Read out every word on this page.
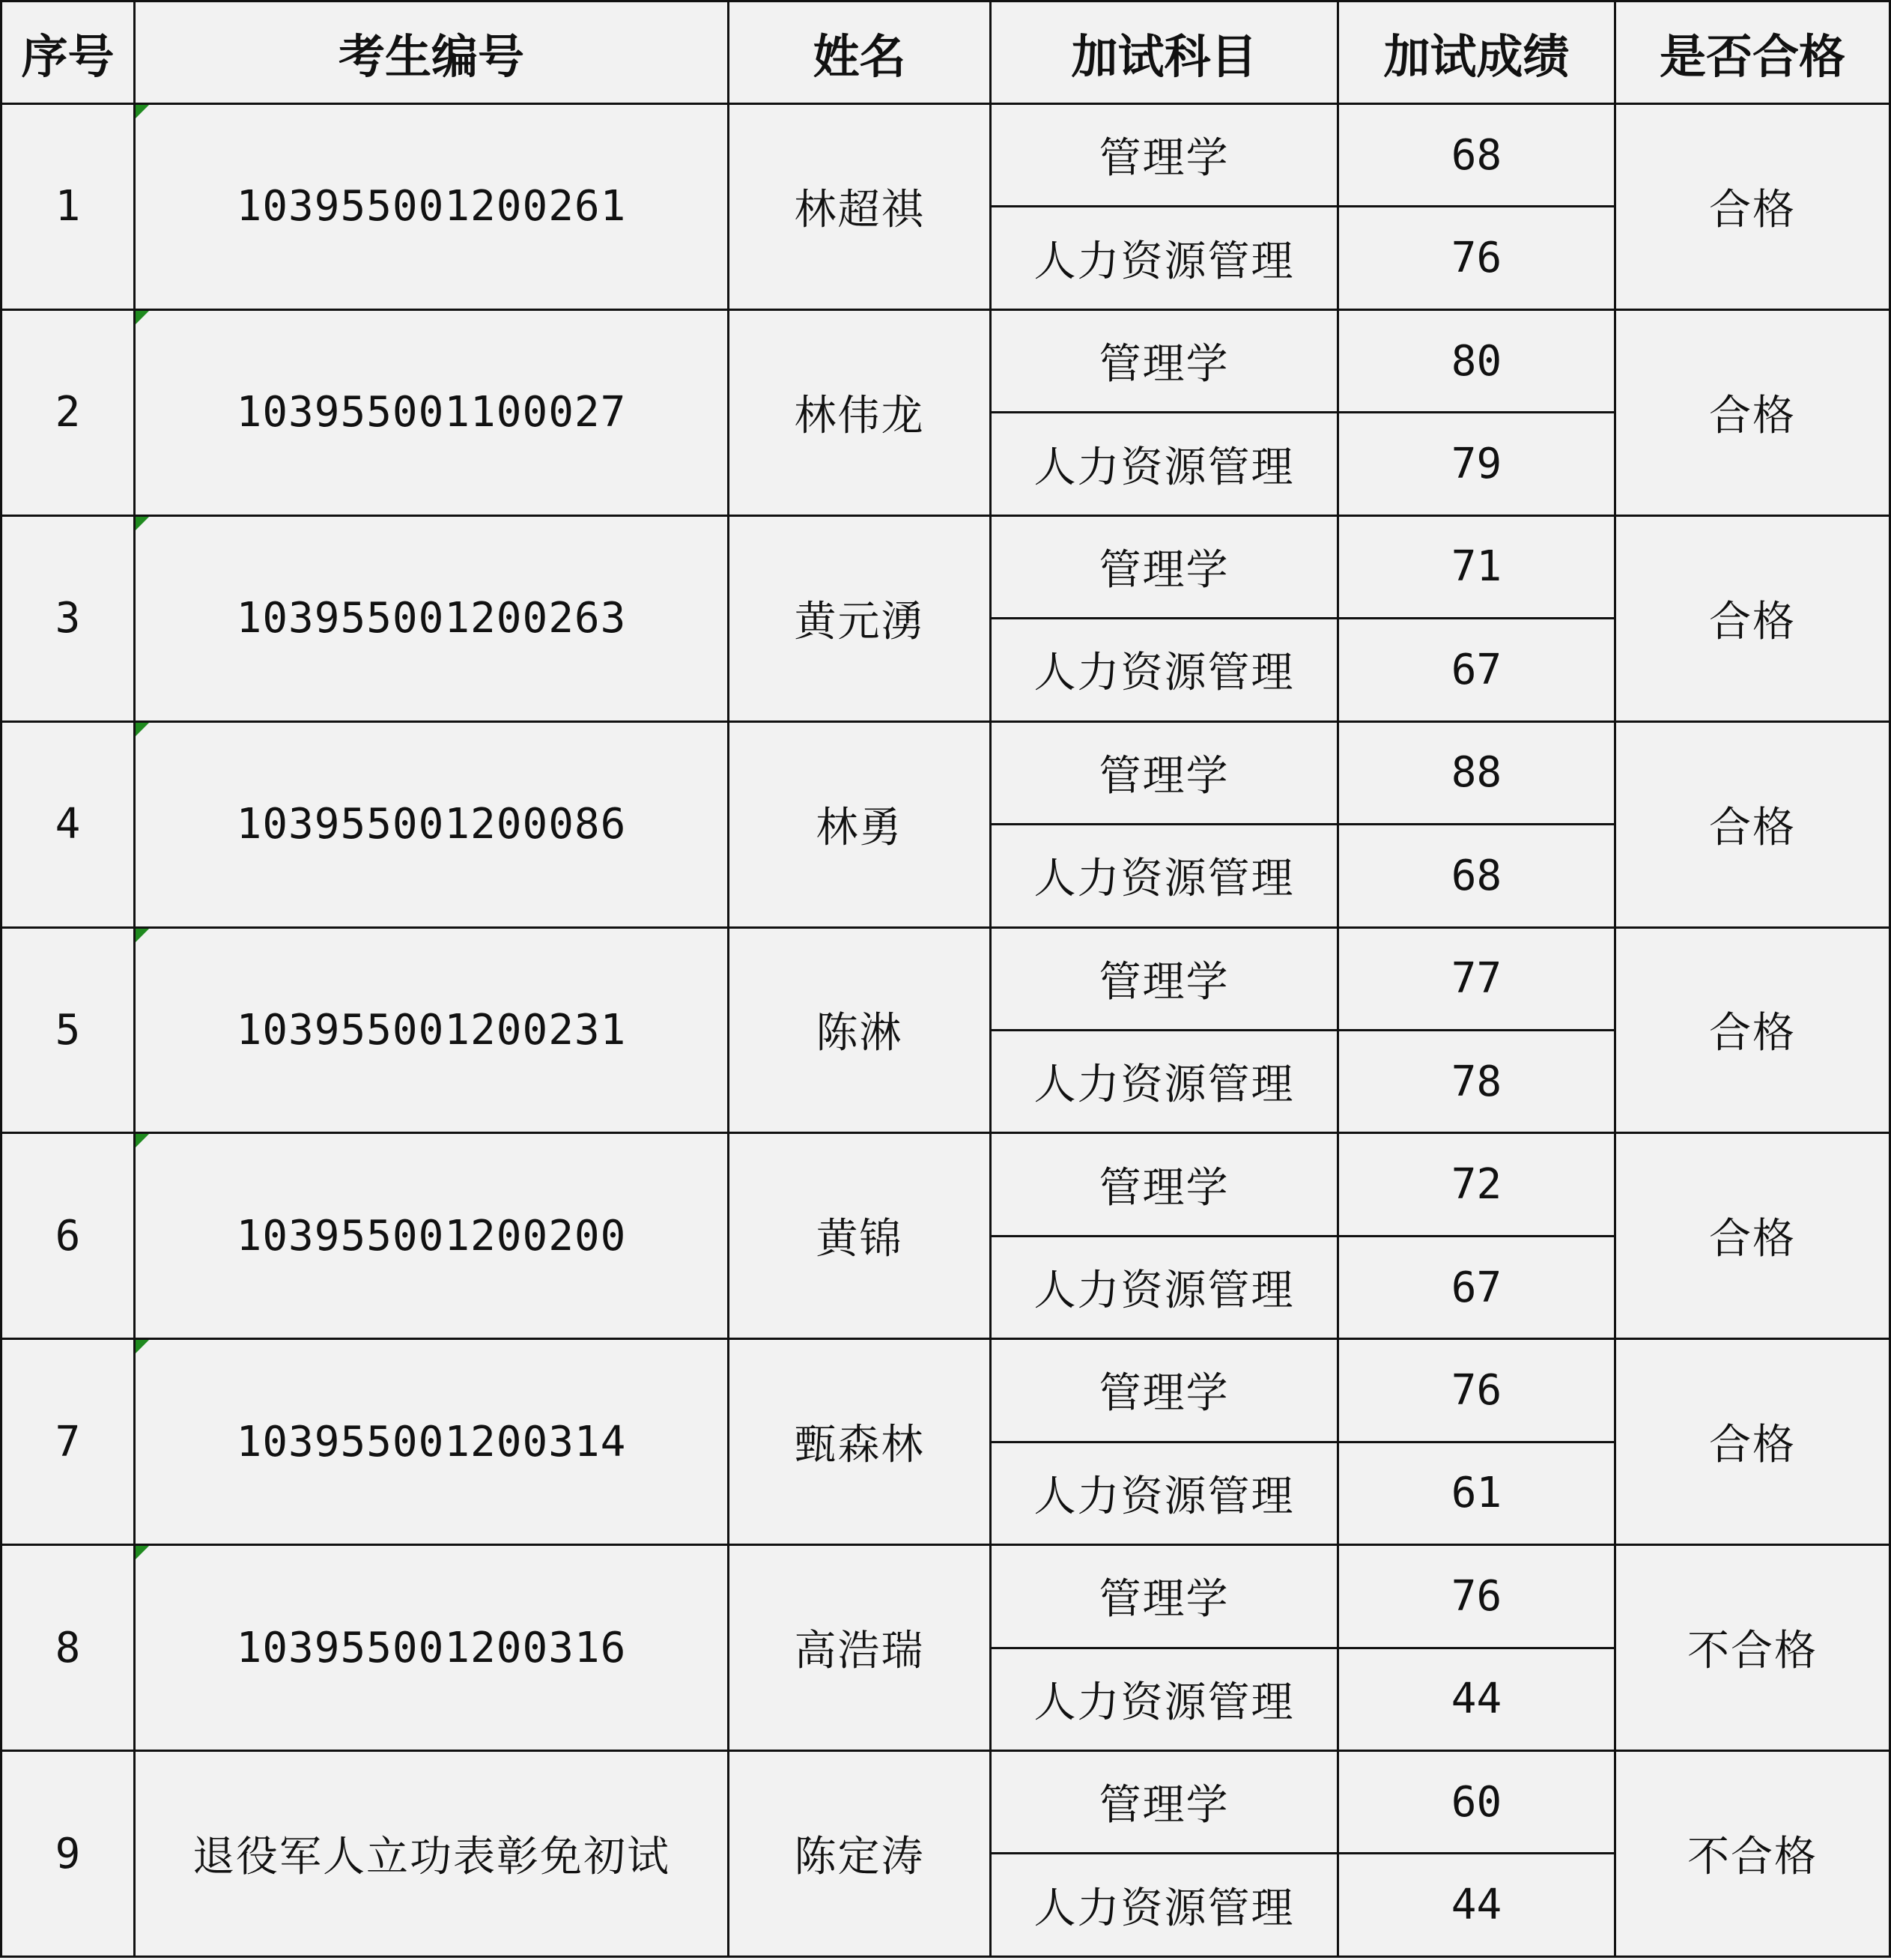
序号	考生编号	姓名	加试科目	加试成绩	是否合格
1	103955001200261	林超祺	管理学	68	合格
			人力资源管理	76	
2	103955001100027	林伟龙	管理学	80	合格
			人力资源管理	79	
3	103955001200263	黄元湧	管理学	71	合格
			人力资源管理	67	
4	103955001200086	林勇	管理学	88	合格
			人力资源管理	68	
5	103955001200231	陈淋	管理学	77	合格
			人力资源管理	78	
6	103955001200200	黄锦	管理学	72	合格
			人力资源管理	67	
7	103955001200314	甄森林	管理学	76	合格
			人力资源管理	61	
8	103955001200316	高浩瑞	管理学	76	不合格
			人力资源管理	44	
9	退役军人立功表彰免初试	陈定涛	管理学	60	不合格
			人力资源管理	44	
